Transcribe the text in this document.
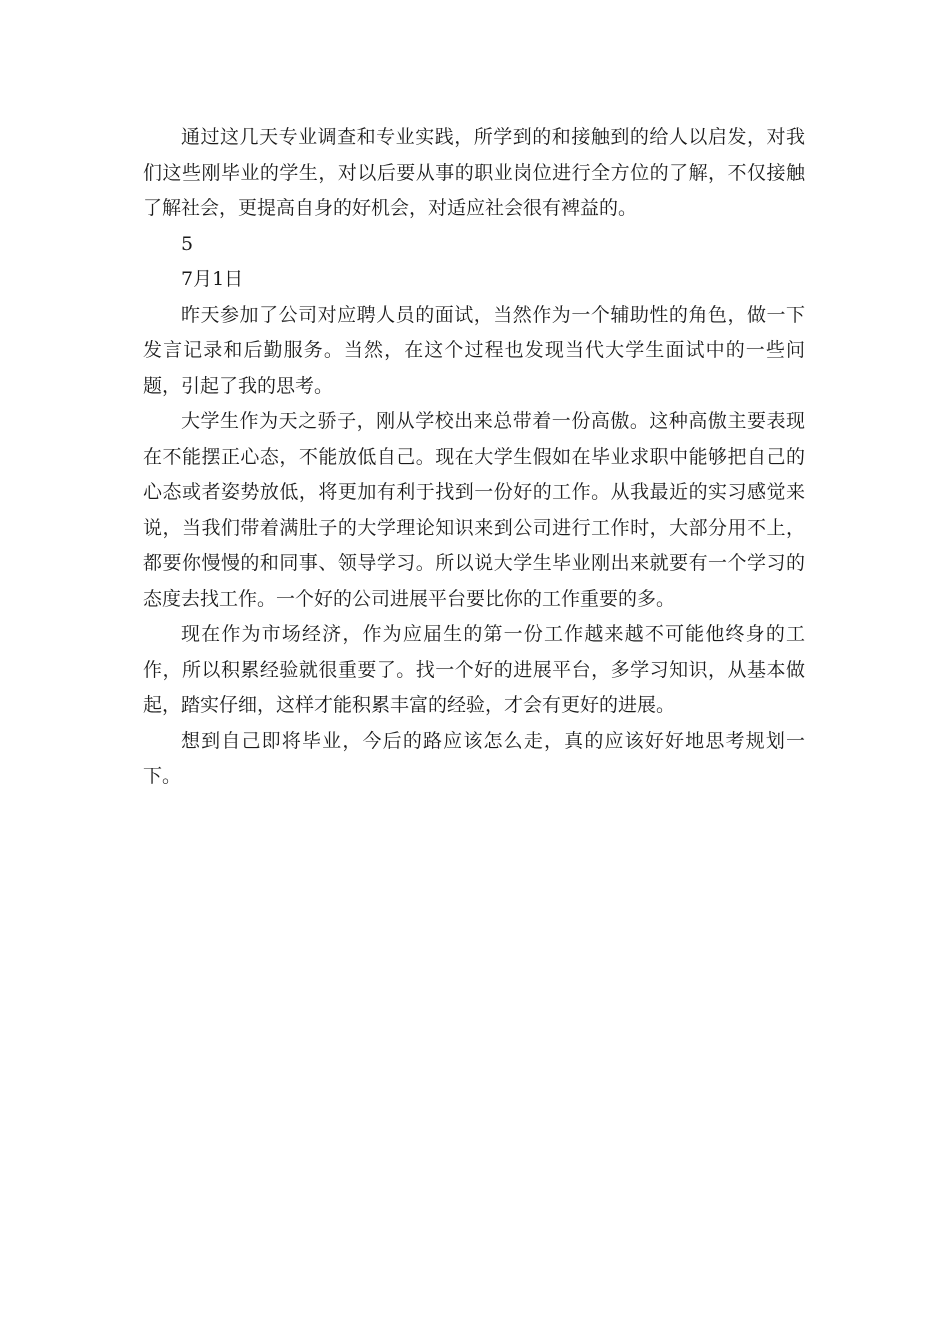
通过这几天专业调查和专业实践，所学到的和接触到的给人以启发，对我们这些刚毕业的学生，对以后要从事的职业岗位进行全方位的了解，不仅接触了解社会，更提高自身的好机会，对适应社会很有裨益的。

5

7月1日

昨天参加了公司对应聘人员的面试，当然作为一个辅助性的角色，做一下发言记录和后勤服务。当然，在这个过程也发现当代大学生面试中的一些问题，引起了我的思考。

大学生作为天之骄子，刚从学校出来总带着一份高傲。这种高傲主要表现在不能摆正心态，不能放低自己。现在大学生假如在毕业求职中能够把自己的心态或者姿势放低，将更加有利于找到一份好的工作。从我最近的实习感觉来说，当我们带着满肚子的大学理论知识来到公司进行工作时，大部分用不上，都要你慢慢的和同事、领导学习。所以说大学生毕业刚出来就要有一个学习的态度去找工作。一个好的公司进展平台要比你的工作重要的多。

现在作为市场经济，作为应届生的第一份工作越来越不可能他终身的工作，所以积累经验就很重要了。找一个好的进展平台，多学习知识，从基本做起，踏实仔细，这样才能积累丰富的经验，才会有更好的进展。

想到自己即将毕业，今后的路应该怎么走，真的应该好好地思考规划一下。
